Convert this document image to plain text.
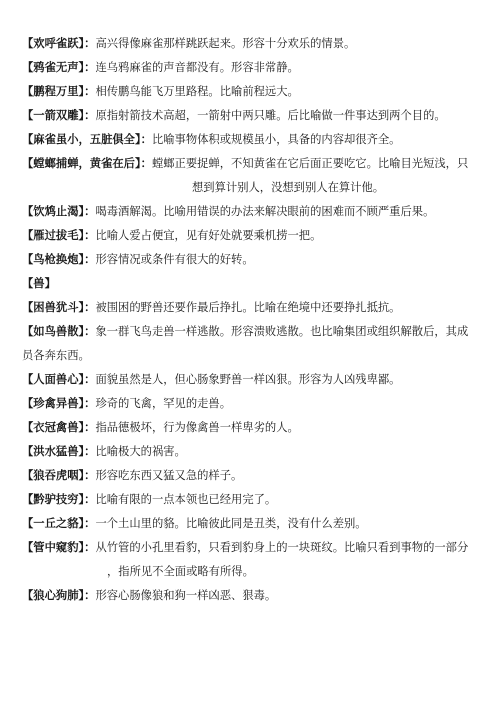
【欢呼雀跃】：高兴得像麻雀那样跳跃起来。形容十分欢乐的情景。
【鸦雀无声】：连乌鸦麻雀的声音都没有。形容非常静。
【鹏程万里】：相传鹏鸟能飞万里路程。比喻前程远大。
【一箭双雕】：原指射箭技术高超，一箭射中两只雕。后比喻做一件事达到两个目的。
【麻雀虽小，五脏俱全】：比喻事物体积或规模虽小，具备的内容却很齐全。
【螳螂捕蝉，黄雀在后】：螳螂正要捉蝉，不知黄雀在它后面正要吃它。比喻目光短浅，只
想到算计别人，没想到别人在算计他。
【饮鸩止渴】：喝毒酒解渴。比喻用错误的办法来解决眼前的困难而不顾严重后果。
【雁过拔毛】：比喻人爱占便宜，见有好处就要乘机捞一把。
【鸟枪换炮】：形容情况或条件有很大的好转。
【兽】
【困兽犹斗】：被围困的野兽还要作最后挣扎。比喻在绝境中还要挣扎抵抗。
【如鸟兽散】：象一群飞鸟走兽一样逃散。形容溃败逃散。也比喻集团或组织解散后，其成
员各奔东西。
【人面兽心】：面貌虽然是人，但心肠象野兽一样凶狠。形容为人凶残卑鄙。
【珍禽异兽】：珍奇的飞禽，罕见的走兽。
【衣冠禽兽】：指品德极坏，行为像禽兽一样卑劣的人。
【洪水猛兽】：比喻极大的祸害。
【狼吞虎咽】：形容吃东西又猛又急的样子。
【黔驴技穷】：比喻有限的一点本领也已经用完了。
【一丘之貉】：一个土山里的貉。比喻彼此同是丑类，没有什么差别。
【管中窥豹】：从竹管的小孔里看豹，只看到豹身上的一块斑纹。比喻只看到事物的一部分
，指所见不全面或略有所得。
【狼心狗肺】：形容心肠像狼和狗一样凶恶、狠毒。
